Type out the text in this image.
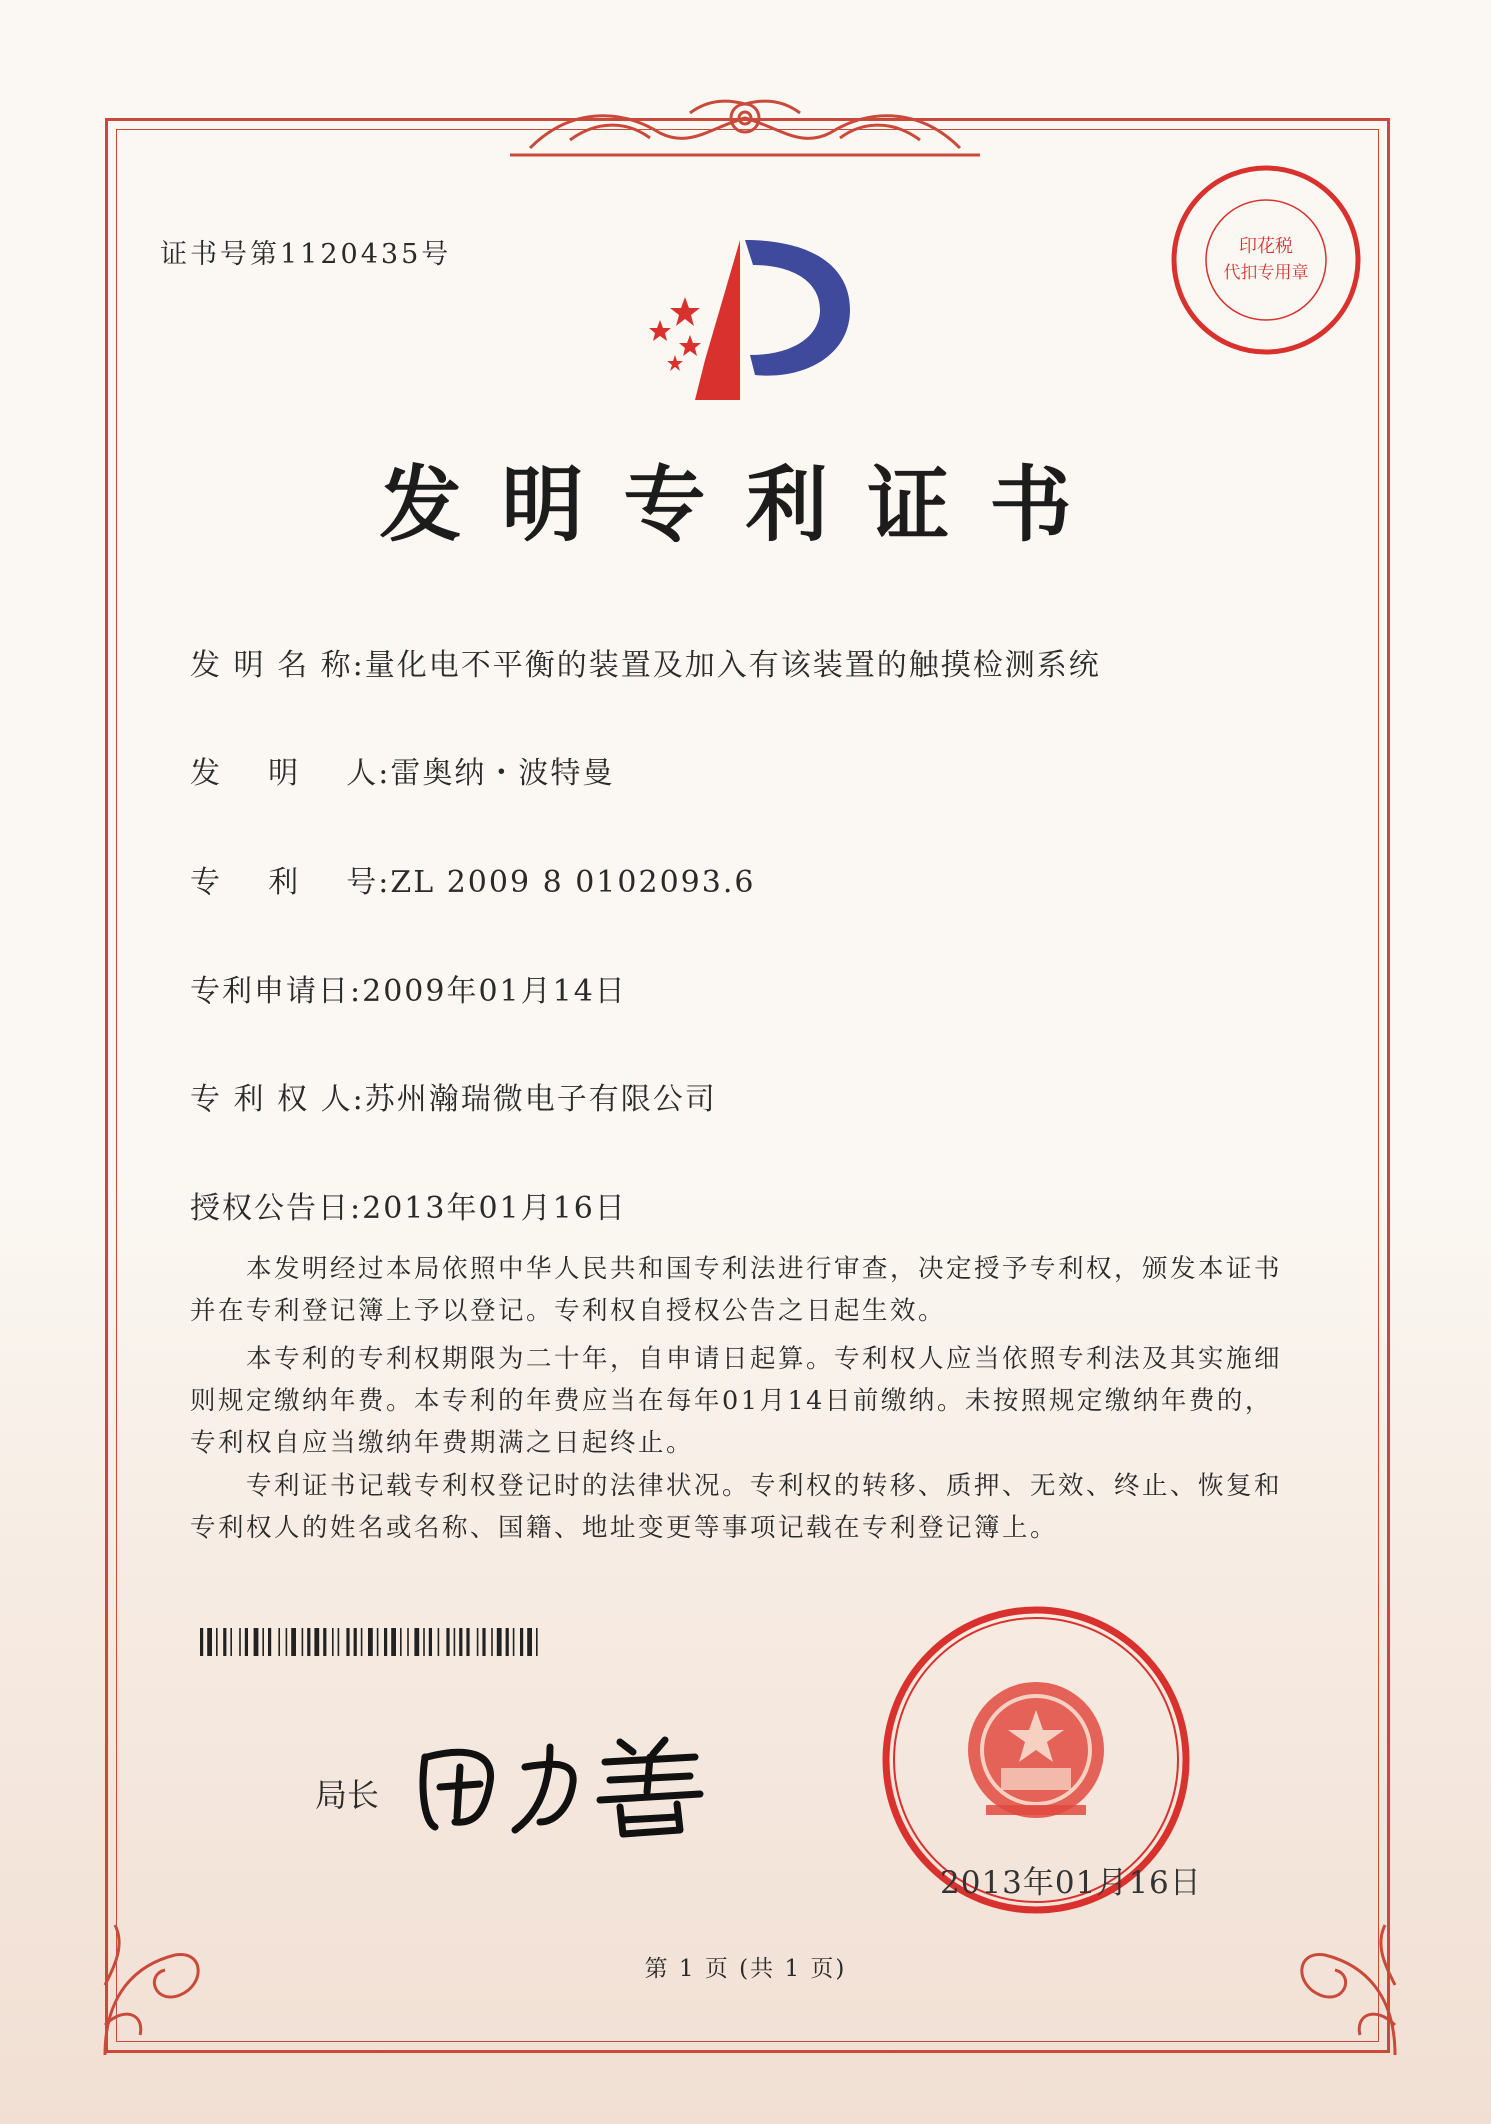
证书号第1120435号	印花税
代扣专用章
发明专利证书
发 明 名 称:量化电不平衡的装置及加入有该装置的触摸检测系统
发    明    人:雷奥纳・波特曼
专    利    号:ZL 2009 8 0102093.6
专利申请日:2009年01月14日
专 利 权 人:苏州瀚瑞微电子有限公司
授权公告日:2013年01月16日
本发明经过本局依照中华人民共和国专利法进行审查，决定授予专利权，颁发本证书并在专利登记簿上予以登记。专利权自授权公告之日起生效。
本专利的专利权期限为二十年，自申请日起算。专利权人应当依照专利法及其实施细则规定缴纳年费。本专利的年费应当在每年01月14日前缴纳。未按照规定缴纳年费的，专利权自应当缴纳年费期满之日起终止。
专利证书记载专利权登记时的法律状况。专利权的转移、质押、无效、终止、恢复和专利权人的姓名或名称、国籍、地址变更等事项记载在专利登记簿上。
局长
2013年01月16日
第 1 页 (共 1 页)
